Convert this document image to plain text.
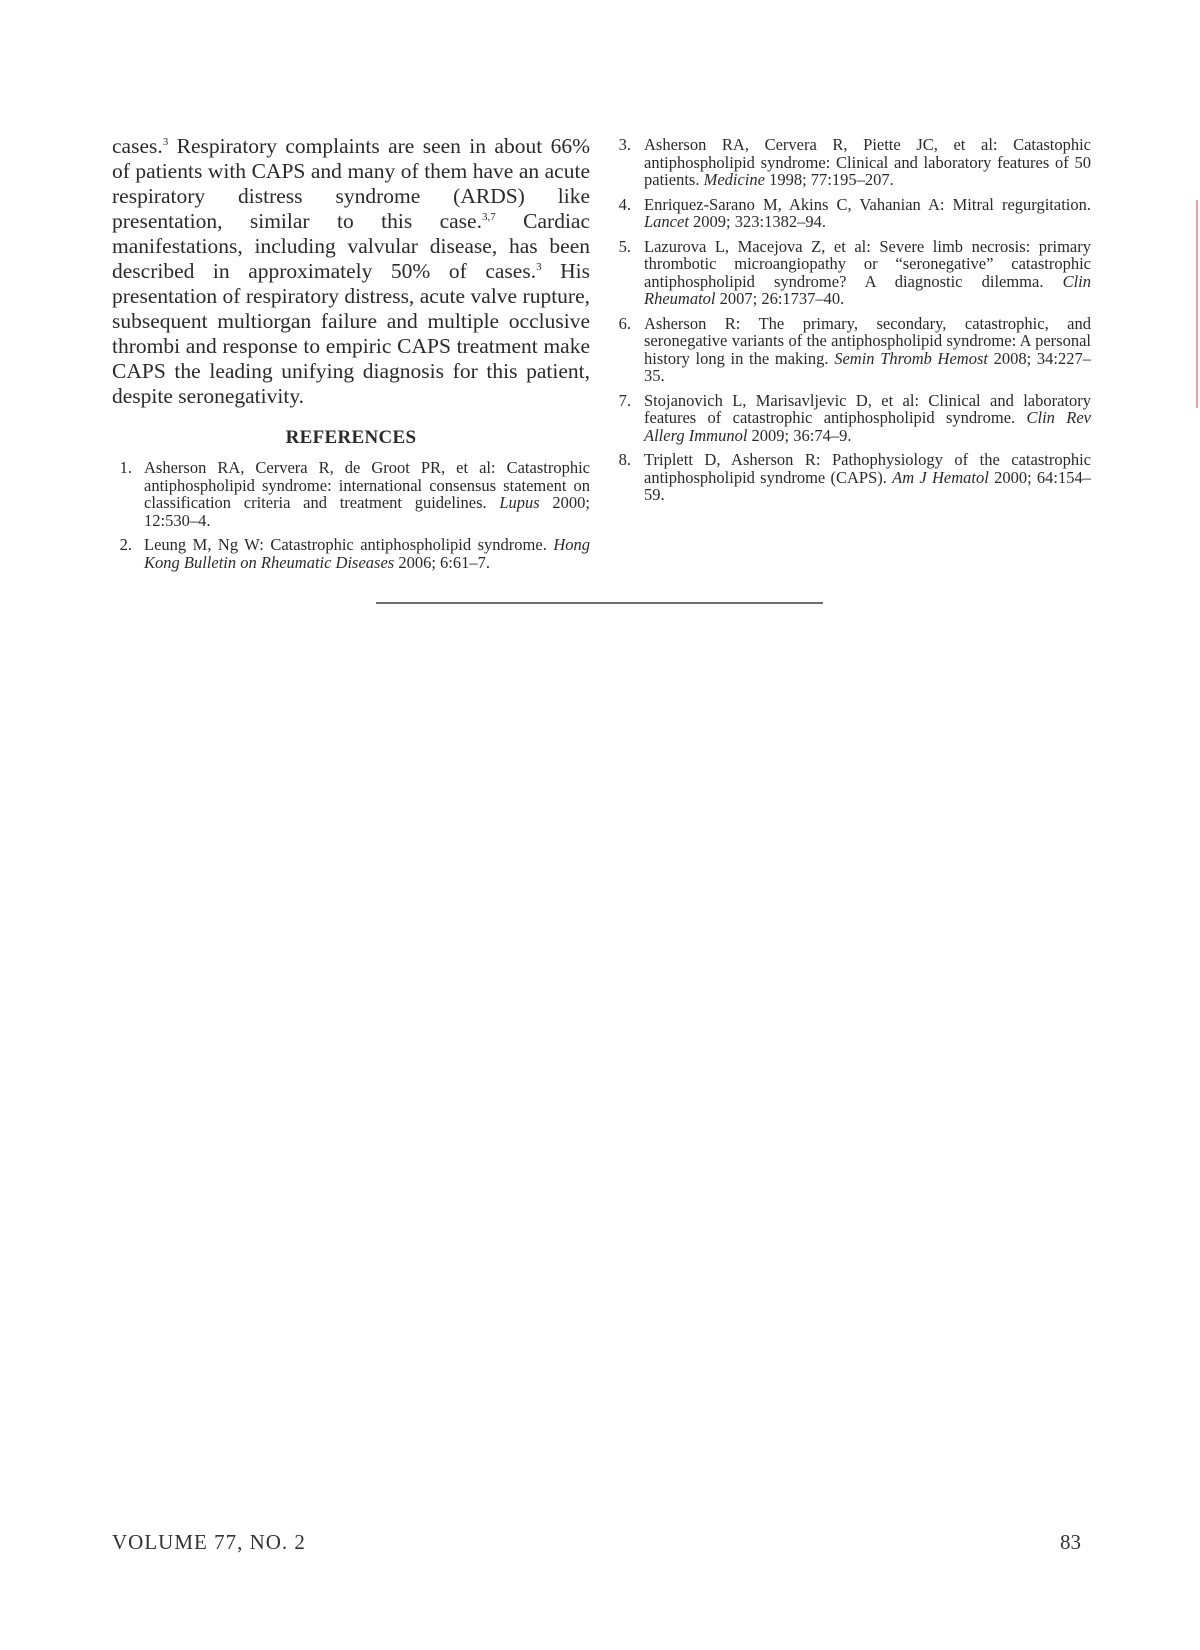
cases.$^3$ Respiratory complaints are seen in about 66% of patients with CAPS and many of them have an acute respiratory distress syndrome (ARDS) like presentation, similar to this case.$^{3,7}$ Cardiac manifestations, including valvular disease, has been described in approximately 50% of cases.$^3$ His presentation of respiratory distress, acute valve rupture, subsequent multiorgan failure and multiple occlusive thrombi and response to empiric CAPS treatment make CAPS the leading unifying diagnosis for this patient, despite seronegativity.

REFERENCES
1. Asherson RA, Cervera R, de Groot PR, et al: Catastrophic antiphospholipid syndrome: international consensus statement on classification criteria and treatment guidelines. Lupus 2000; 12:530–4.
2. Leung M, Ng W: Catastrophic antiphospholipid syndrome. Hong Kong Bulletin on Rheumatic Diseases 2006; 6:61–7.
3. Asherson RA, Cervera R, Piette JC, et al: Catastophic antiphospholipid syndrome: Clinical and laboratory features of 50 patients. Medicine 1998; 77:195–207.
4. Enriquez-Sarano M, Akins C, Vahanian A: Mitral regurgitation. Lancet 2009; 323:1382–94.
5. Lazurova L, Macejova Z, et al: Severe limb necrosis: primary thrombotic microangiopathy or “seronegative” catastrophic antiphospholipid syndrome? A diagnostic dilemma. Clin Rheumatol 2007; 26:1737–40.
6. Asherson R: The primary, secondary, catastrophic, and seronegative variants of the antiphospholipid syndrome: A personal history long in the making. Semin Thromb Hemost 2008; 34:227–35.
7. Stojanovich L, Marisavljevic D, et al: Clinical and laboratory features of catastrophic antiphospholipid syndrome. Clin Rev Allerg Immunol 2009; 36:74–9.
8. Triplett D, Asherson R: Pathophysiology of the catastrophic antiphospholipid syndrome (CAPS). Am J Hematol 2000; 64:154–59.
VOLUME 77, NO. 2	83
